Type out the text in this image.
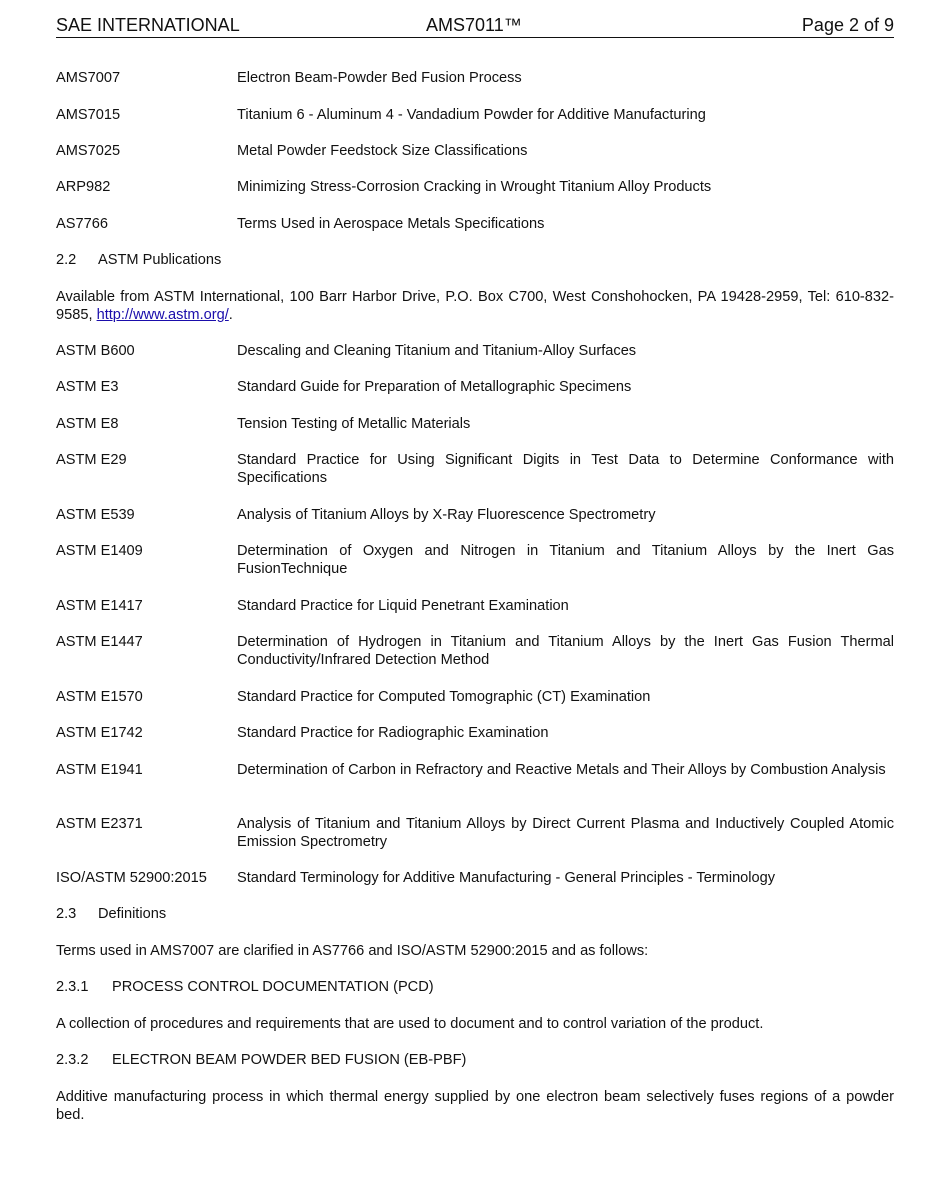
SAE INTERNATIONAL	AMS7011™	Page 2 of 9
AMS7007	Electron Beam-Powder Bed Fusion Process
AMS7015	Titanium 6 - Aluminum 4 - Vandadium Powder for Additive Manufacturing
AMS7025	Metal Powder Feedstock Size Classifications
ARP982	Minimizing Stress-Corrosion Cracking in Wrought Titanium Alloy Products
AS7766	Terms Used in Aerospace Metals Specifications
2.2 ASTM Publications
Available from ASTM International, 100 Barr Harbor Drive, P.O. Box C700, West Conshohocken, PA 19428-2959, Tel: 610-832-9585, http://www.astm.org/.
ASTM B600	Descaling and Cleaning Titanium and Titanium-Alloy Surfaces
ASTM E3	Standard Guide for Preparation of Metallographic Specimens
ASTM E8	Tension Testing of Metallic Materials
ASTM E29	Standard Practice for Using Significant Digits in Test Data to Determine Conformance with Specifications
ASTM E539	Analysis of Titanium Alloys by X-Ray Fluorescence Spectrometry
ASTM E1409	Determination of Oxygen and Nitrogen in Titanium and Titanium Alloys by the Inert Gas FusionTechnique
ASTM E1417	Standard Practice for Liquid Penetrant Examination
ASTM E1447	Determination of Hydrogen in Titanium and Titanium Alloys by the Inert Gas Fusion Thermal Conductivity/Infrared Detection Method
ASTM E1570	Standard Practice for Computed Tomographic (CT) Examination
ASTM E1742	Standard Practice for Radiographic Examination
ASTM E1941	Determination of Carbon in Refractory and Reactive Metals and Their Alloys by Combustion Analysis
ASTM E2371	Analysis of Titanium and Titanium Alloys by Direct Current Plasma and Inductively Coupled Atomic Emission Spectrometry
ISO/ASTM 52900:2015 Standard Terminology for Additive Manufacturing - General Principles - Terminology
2.3 Definitions
Terms used in AMS7007 are clarified in AS7766 and ISO/ASTM 52900:2015 and as follows:
2.3.1 PROCESS CONTROL DOCUMENTATION (PCD)
A collection of procedures and requirements that are used to document and to control variation of the product.
2.3.2 ELECTRON BEAM POWDER BED FUSION (EB-PBF)
Additive manufacturing process in which thermal energy supplied by one electron beam selectively fuses regions of a powder bed.
